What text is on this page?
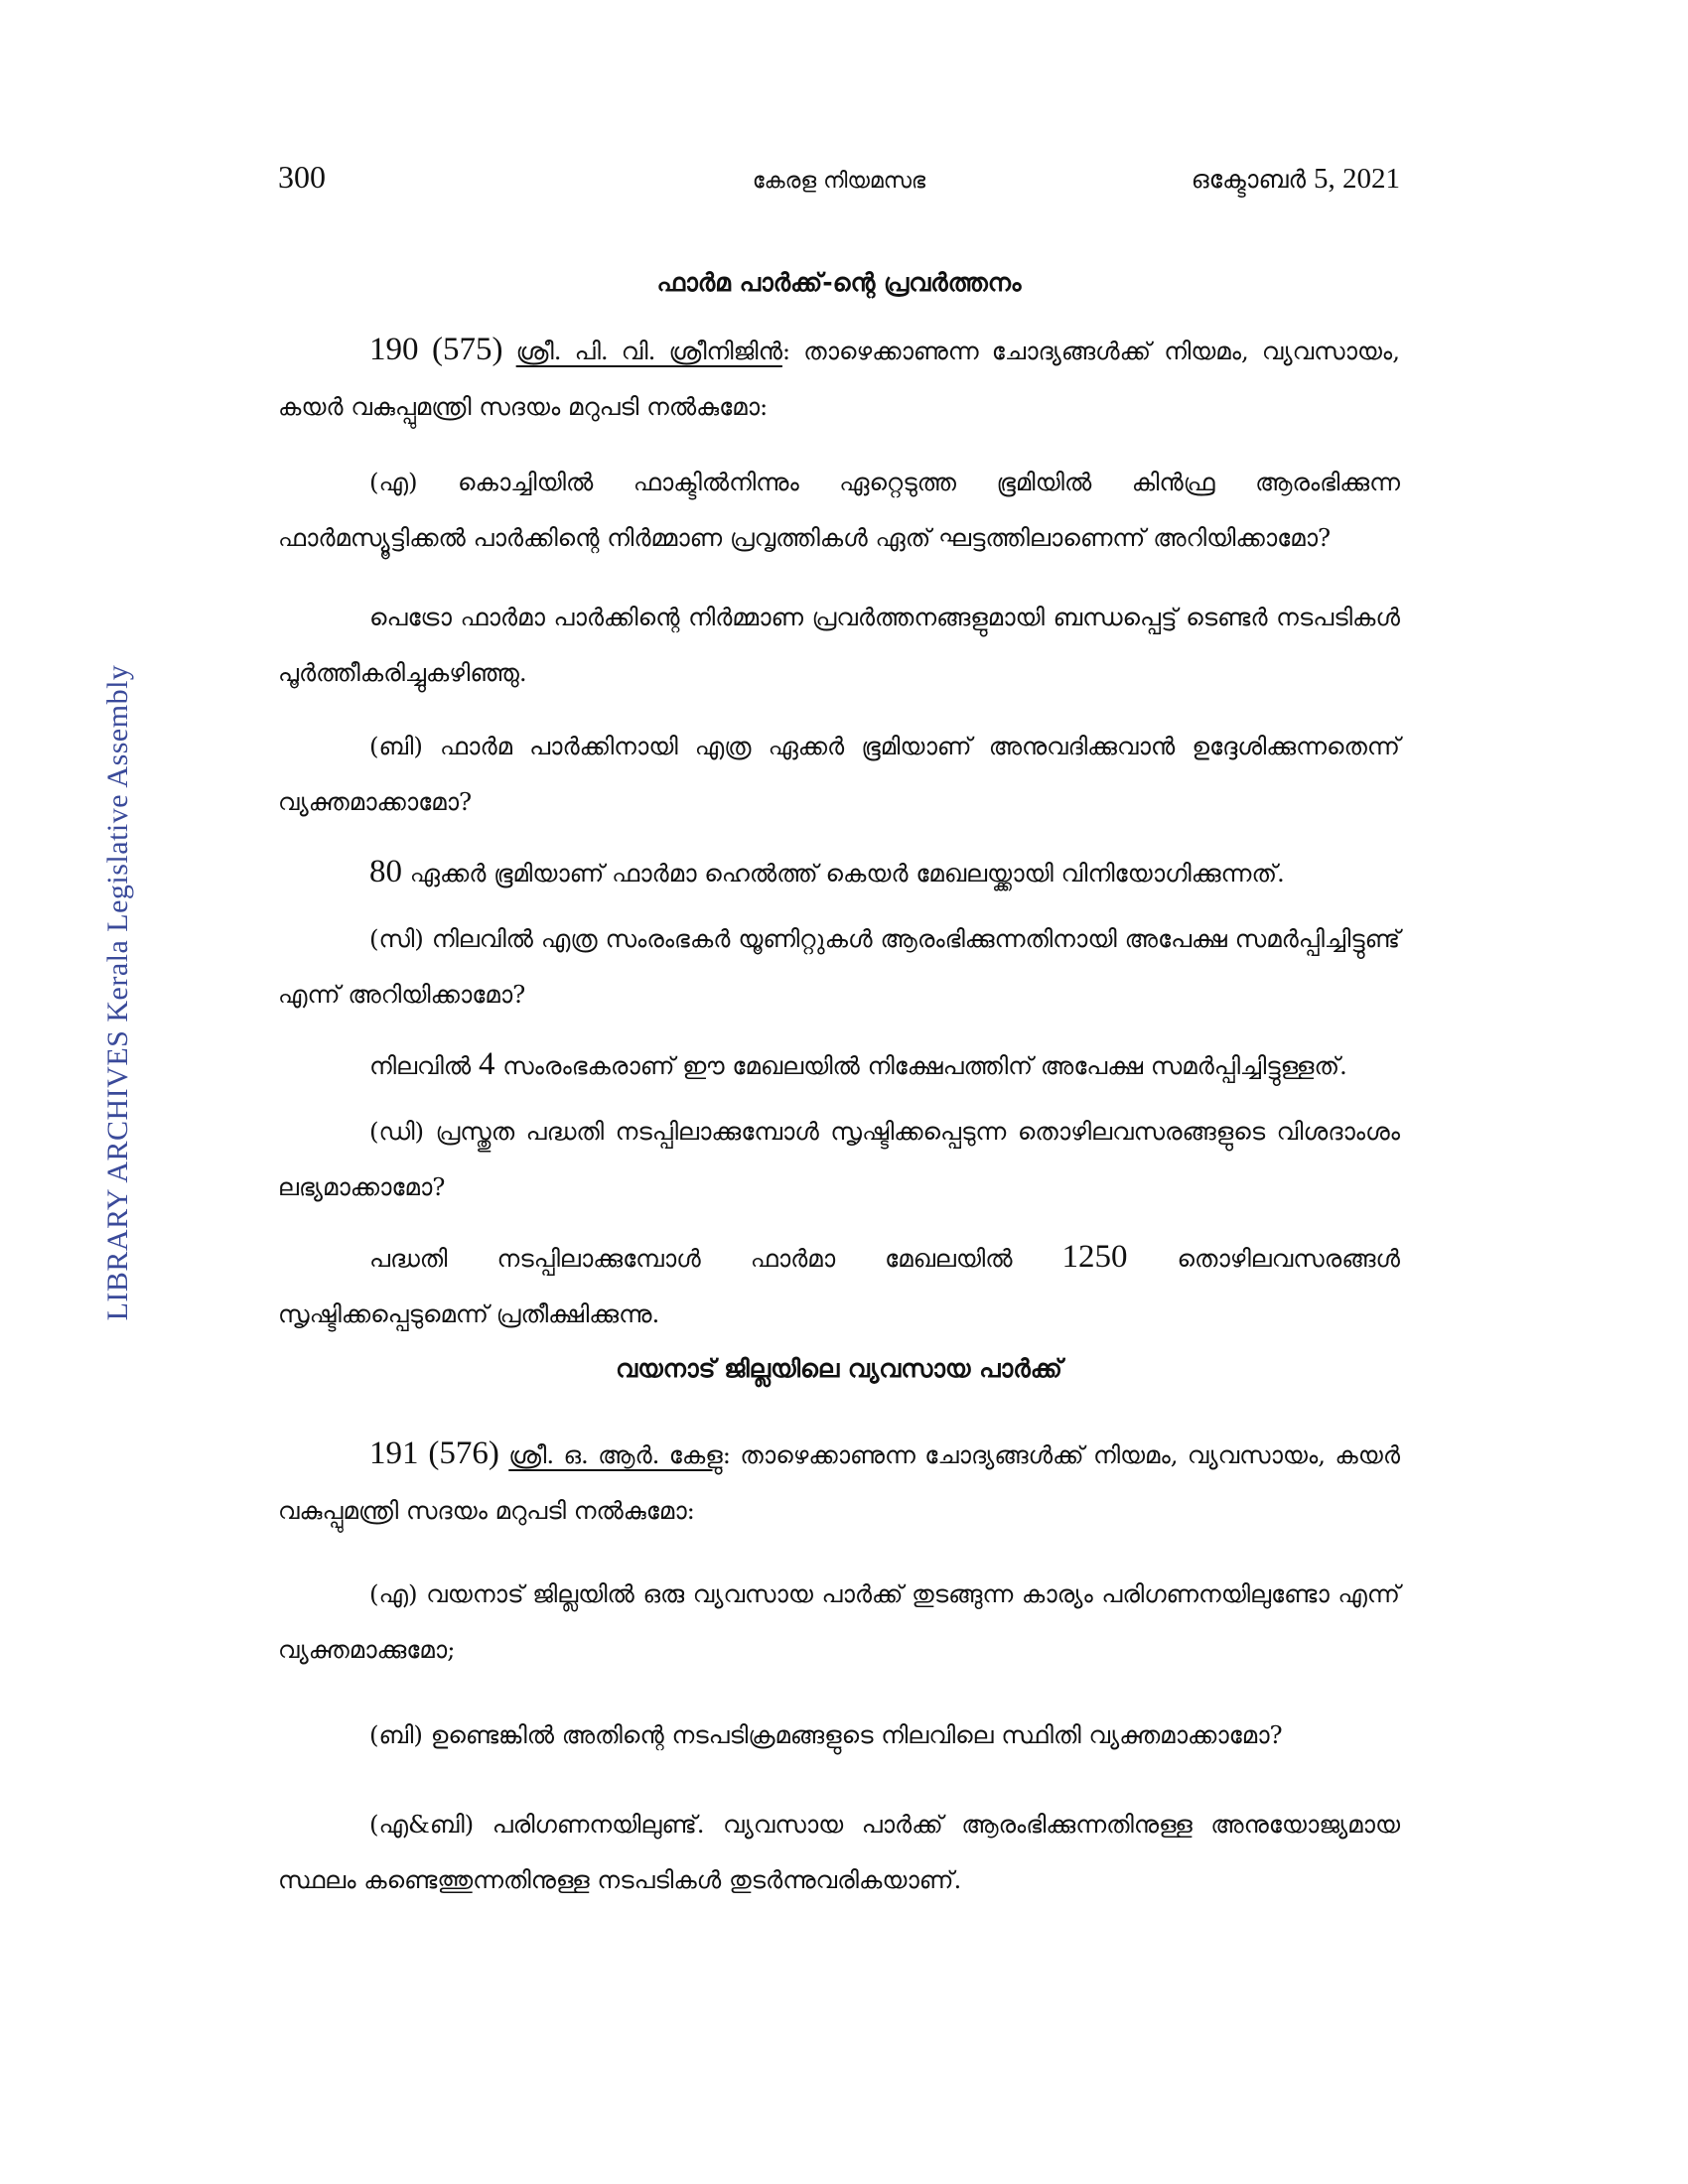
LIBRARY ARCHIVES Kerala Legislative Assembly
300	കേരള നിയമസഭ	ഒക്ടോബർ 5, 2021
ഫാർമ പാർക്ക്-ന്റെ പ്രവർത്തനം

190 (575) ശ്രീ. പി. വി. ശ്രീനിജിൻ: താഴെക്കാണുന്ന ചോദ്യങ്ങൾക്ക് നിയമം, വ്യവസായം, കയർ വകുപ്പുമന്ത്രി സദയം മറുപടി നൽകുമോ:

(എ) കൊച്ചിയിൽ ഫാക്ടിൽനിന്നും ഏറ്റെടുത്ത ഭൂമിയിൽ കിൻഫ്ര ആരംഭിക്കുന്ന ഫാർമസ്യൂട്ടിക്കൽ പാർക്കിന്റെ നിർമ്മാണ പ്രവൃത്തികൾ ഏത് ഘട്ടത്തിലാണെന്ന് അറിയിക്കാമോ?

പെട്രോ ഫാർമാ പാർക്കിന്റെ നിർമ്മാണ പ്രവർത്തനങ്ങളുമായി ബന്ധപ്പെട്ട് ടെണ്ടർ നടപടികൾ പൂർത്തീകരിച്ചുകഴിഞ്ഞു.

(ബി) ഫാർമ പാർക്കിനായി എത്ര ഏക്കർ ഭൂമിയാണ് അനുവദിക്കുവാൻ ഉദ്ദേശിക്കുന്നതെന്ന് വ്യക്തമാക്കാമോ?

80 ഏക്കർ ഭൂമിയാണ് ഫാർമാ ഹെൽത്ത് കെയർ മേഖലയ്ക്കായി വിനിയോഗിക്കുന്നത്.

(സി) നിലവിൽ എത്ര സംരംഭകർ യൂണിറ്റുകൾ ആരംഭിക്കുന്നതിനായി അപേക്ഷ സമർപ്പിച്ചിട്ടുണ്ട് എന്ന് അറിയിക്കാമോ?

നിലവിൽ 4 സംരംഭകരാണ് ഈ മേഖലയിൽ നിക്ഷേപത്തിന് അപേക്ഷ സമർപ്പിച്ചിട്ടുള്ളത്.

(ഡി) പ്രസ്തുത പദ്ധതി നടപ്പിലാക്കുമ്പോൾ സൃഷ്ടിക്കപ്പെടുന്ന തൊഴിലവസരങ്ങളുടെ വിശദാംശം ലഭ്യമാക്കാമോ?

പദ്ധതി നടപ്പിലാക്കുമ്പോൾ ഫാർമാ മേഖലയിൽ 1250 തൊഴിലവസരങ്ങൾ സൃഷ്ടിക്കപ്പെടുമെന്ന് പ്രതീക്ഷിക്കുന്നു.

വയനാട് ജില്ലയിലെ വ്യവസായ പാർക്ക്

191 (576) ശ്രീ. ഒ. ആർ. കേളു: താഴെക്കാണുന്ന ചോദ്യങ്ങൾക്ക് നിയമം, വ്യവസായം, കയർ വകുപ്പുമന്ത്രി സദയം മറുപടി നൽകുമോ:

(എ) വയനാട് ജില്ലയിൽ ഒരു വ്യവസായ പാർക്ക് തുടങ്ങുന്ന കാര്യം പരിഗണനയിലുണ്ടോ എന്ന് വ്യക്തമാക്കുമോ;

(ബി) ഉണ്ടെങ്കിൽ അതിന്റെ നടപടിക്രമങ്ങളുടെ നിലവിലെ സ്ഥിതി വ്യക്തമാക്കാമോ?

(എ&ബി) പരിഗണനയിലുണ്ട്. വ്യവസായ പാർക്ക് ആരംഭിക്കുന്നതിനുള്ള അനുയോജ്യമായ സ്ഥലം കണ്ടെത്തുന്നതിനുള്ള നടപടികൾ തുടർന്നുവരികയാണ്.
